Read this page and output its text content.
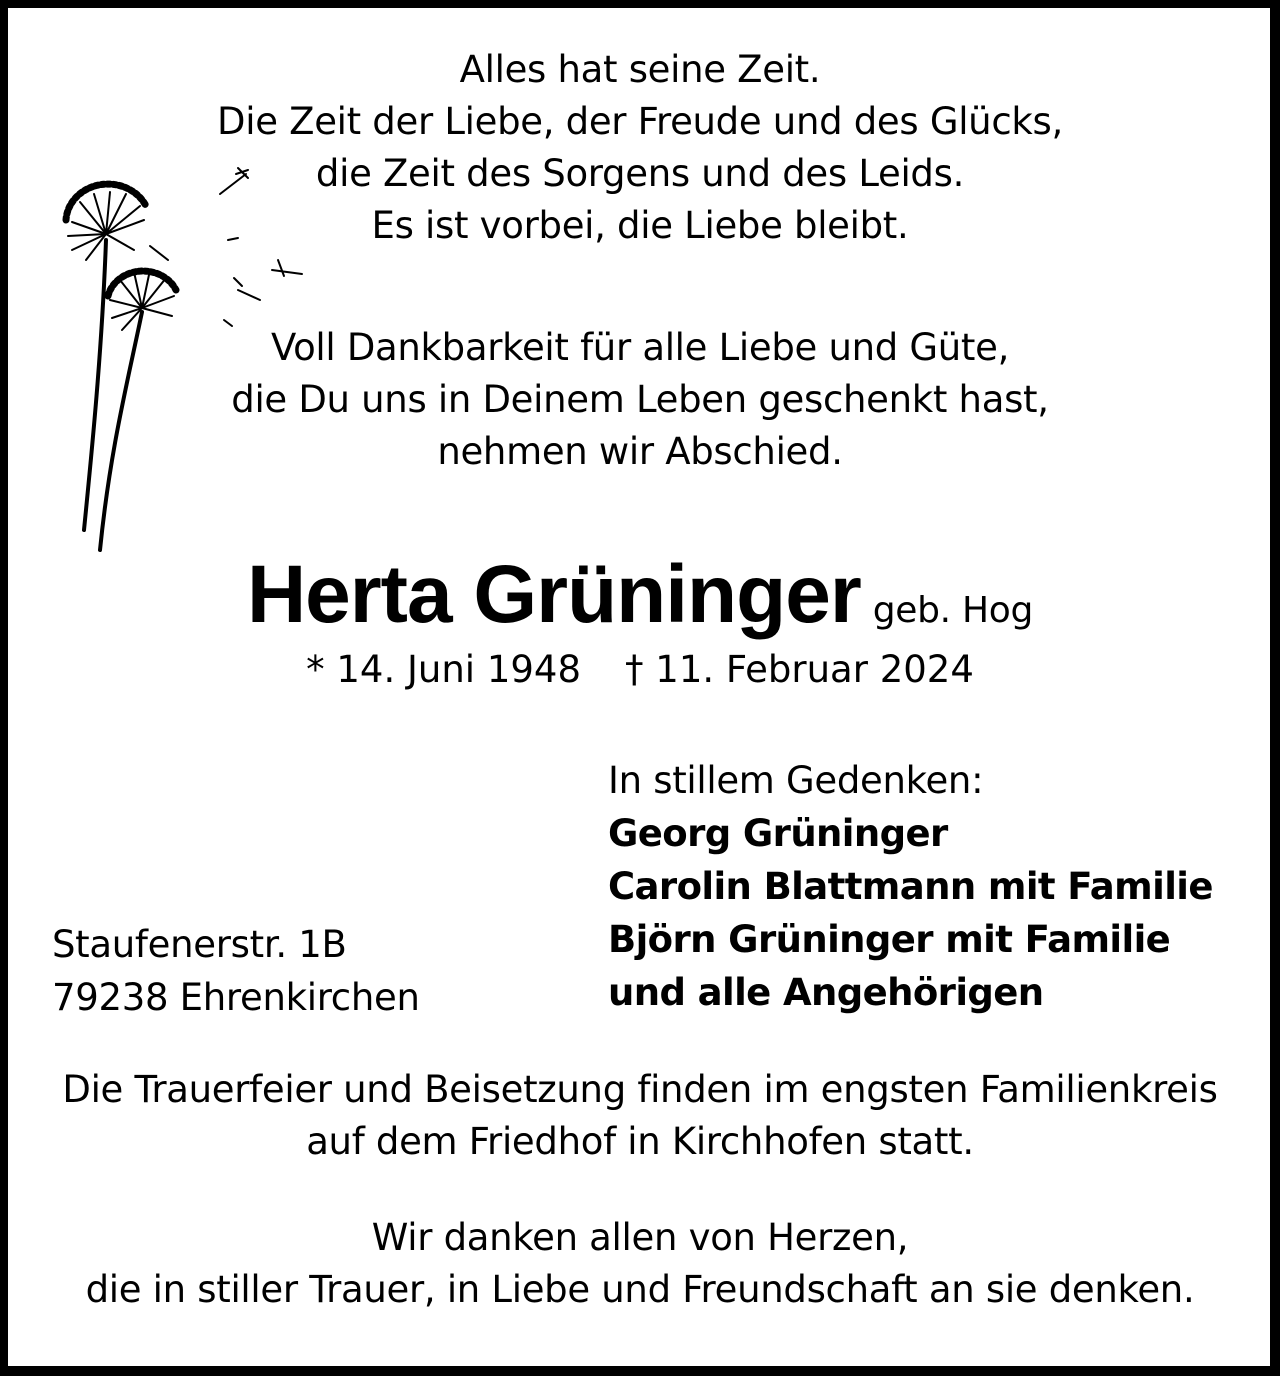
Alles hat seine Zeit.
Die Zeit der Liebe, der Freude und des Glücks,
die Zeit des Sorgens und des Leids.
Es ist vorbei, die Liebe bleibt.
Voll Dankbarkeit für alle Liebe und Güte,
die Du uns in Deinem Leben geschenkt hast,
nehmen wir Abschied.
Herta Grüninger geb. Hog
* 14. Juni 1948 † 11. Februar 2024
In stillem Gedenken:
Georg Grüninger
Carolin Blattmann mit Familie
Björn Grüninger mit Familie
und alle Angehörigen
Staufenerstr. 1B
79238 Ehrenkirchen
Die Trauerfeier und Beisetzung finden im engsten Familienkreis
auf dem Friedhof in Kirchhofen statt.
Wir danken allen von Herzen,
die in stiller Trauer, in Liebe und Freundschaft an sie denken.
